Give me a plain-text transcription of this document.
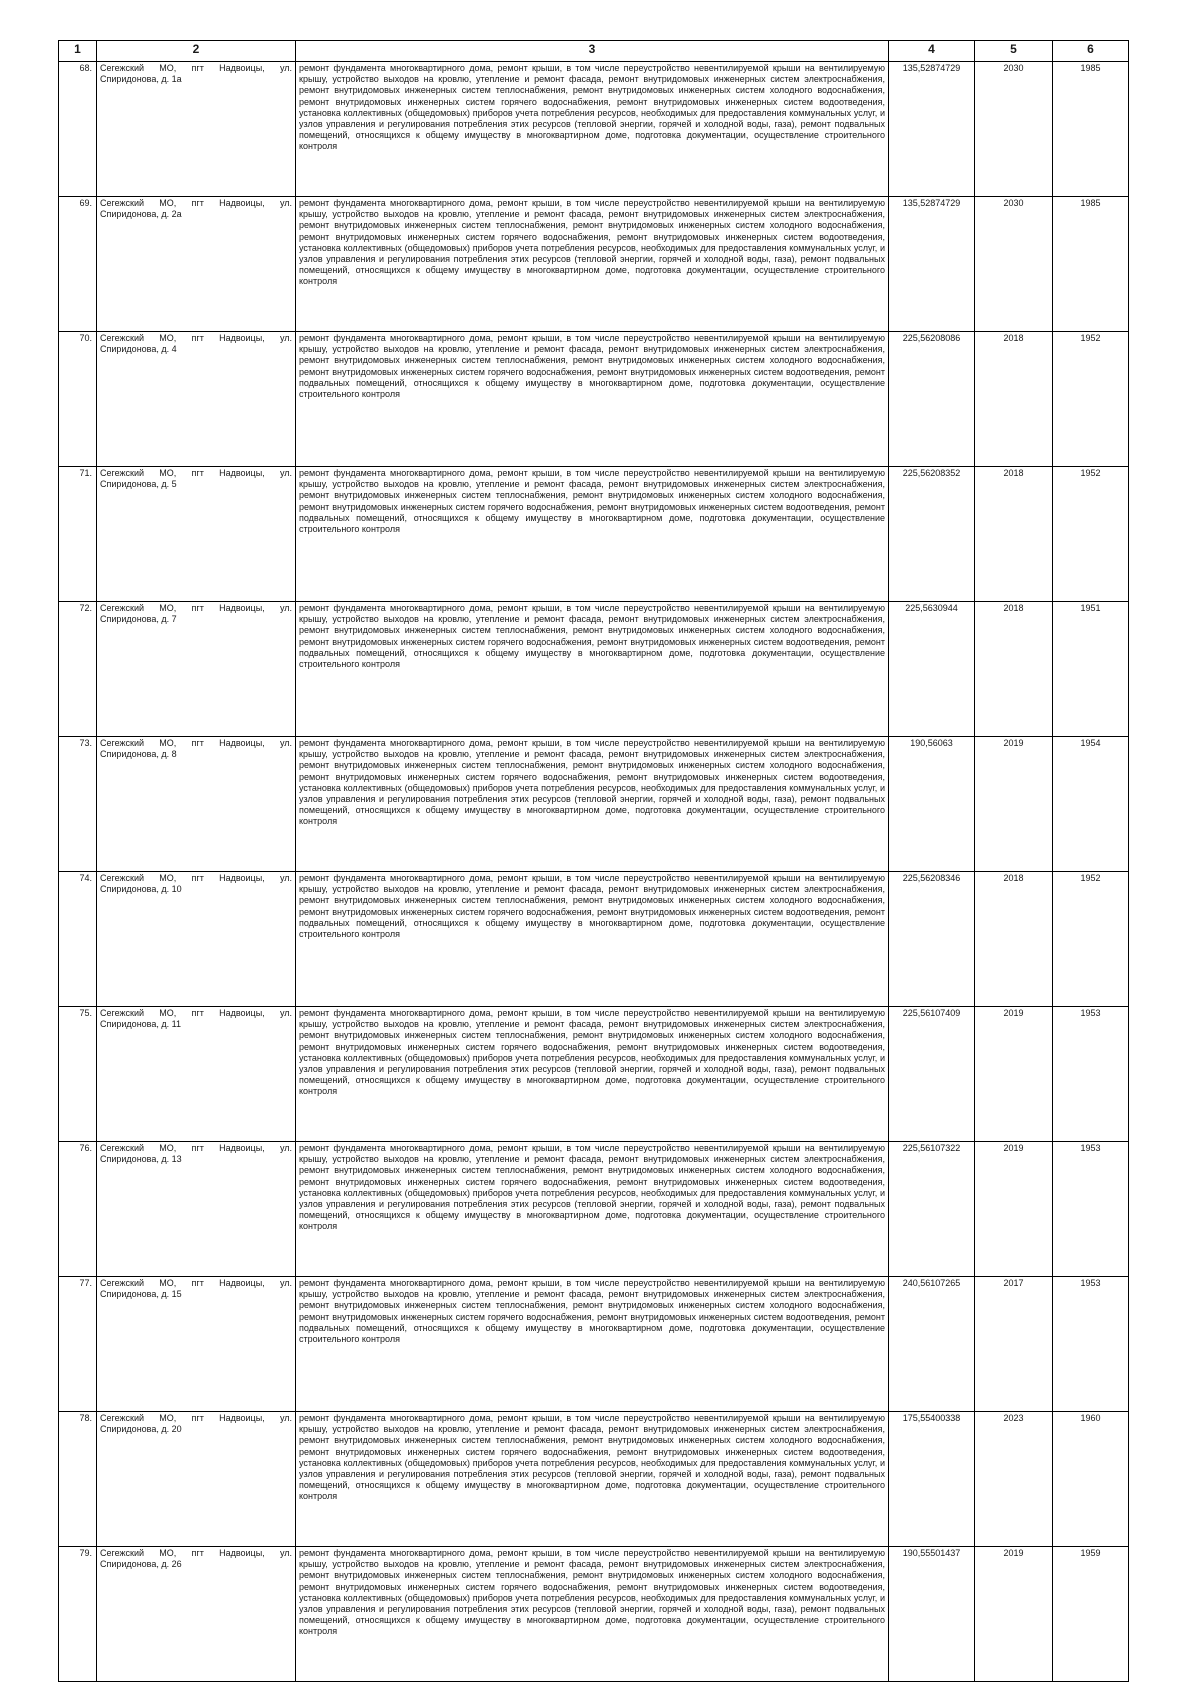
1	2	3	4	5	6
68.	Сегежский МО, пгт Надвоицы, ул. Спиридонова, д. 1а	ремонт фундамента многоквартирного дома, ремонт крыши, в том числе переустройство невентилируемой крыши на вентилируемую крышу, устройство выходов на кровлю, утепление и ремонт фасада, ремонт внутридомовых инженерных систем электроснабжения, ремонт внутридомовых инженерных систем теплоснабжения, ремонт внутридомовых инженерных систем холодного водоснабжения, ремонт внутридомовых инженерных систем горячего водоснабжения, ремонт внутридомовых инженерных систем водоотведения, установка коллективных (общедомовых) приборов учета потребления ресурсов, необходимых для предоставления коммунальных услуг, и узлов управления и регулирования потребления этих ресурсов (тепловой энергии, горячей и холодной воды, газа), ремонт подвальных помещений, относящихся к общему имуществу в многоквартирном доме, подготовка документации, осуществление строительного контроля	135,52874729	2030	1985
69.	Сегежский МО, пгт Надвоицы, ул. Спиридонова, д. 2а	ремонт фундамента многоквартирного дома, ремонт крыши, в том числе переустройство невентилируемой крыши на вентилируемую крышу, устройство выходов на кровлю, утепление и ремонт фасада, ремонт внутридомовых инженерных систем электроснабжения, ремонт внутридомовых инженерных систем теплоснабжения, ремонт внутридомовых инженерных систем холодного водоснабжения, ремонт внутридомовых инженерных систем горячего водоснабжения, ремонт внутридомовых инженерных систем водоотведения, установка коллективных (общедомовых) приборов учета потребления ресурсов, необходимых для предоставления коммунальных услуг, и узлов управления и регулирования потребления этих ресурсов (тепловой энергии, горячей и холодной воды, газа), ремонт подвальных помещений, относящихся к общему имуществу в многоквартирном доме, подготовка документации, осуществление строительного контроля	135,52874729	2030	1985
70.	Сегежский МО, пгт Надвоицы, ул. Спиридонова, д. 4	ремонт фундамента многоквартирного дома, ремонт крыши, в том числе переустройство невентилируемой крыши на вентилируемую крышу, устройство выходов на кровлю, утепление и ремонт фасада, ремонт внутридомовых инженерных систем электроснабжения, ремонт внутридомовых инженерных систем теплоснабжения, ремонт внутридомовых инженерных систем холодного водоснабжения, ремонт внутридомовых инженерных систем горячего водоснабжения, ремонт внутридомовых инженерных систем водоотведения, ремонт подвальных помещений, относящихся к общему имуществу в многоквартирном доме, подготовка документации, осуществление строительного контроля	225,56208086	2018	1952
71.	Сегежский МО, пгт Надвоицы, ул. Спиридонова, д. 5	ремонт фундамента многоквартирного дома, ремонт крыши, в том числе переустройство невентилируемой крыши на вентилируемую крышу, устройство выходов на кровлю, утепление и ремонт фасада, ремонт внутридомовых инженерных систем электроснабжения, ремонт внутридомовых инженерных систем теплоснабжения, ремонт внутридомовых инженерных систем холодного водоснабжения, ремонт внутридомовых инженерных систем горячего водоснабжения, ремонт внутридомовых инженерных систем водоотведения, ремонт подвальных помещений, относящихся к общему имуществу в многоквартирном доме, подготовка документации, осуществление строительного контроля	225,56208352	2018	1952
72.	Сегежский МО, пгт Надвоицы, ул. Спиридонова, д. 7	ремонт фундамента многоквартирного дома, ремонт крыши, в том числе переустройство невентилируемой крыши на вентилируемую крышу, устройство выходов на кровлю, утепление и ремонт фасада, ремонт внутридомовых инженерных систем электроснабжения, ремонт внутридомовых инженерных систем теплоснабжения, ремонт внутридомовых инженерных систем холодного водоснабжения, ремонт внутридомовых инженерных систем горячего водоснабжения, ремонт внутридомовых инженерных систем водоотведения, ремонт подвальных помещений, относящихся к общему имуществу в многоквартирном доме, подготовка документации, осуществление строительного контроля	225,5630944	2018	1951
73.	Сегежский МО, пгт Надвоицы, ул. Спиридонова, д. 8	ремонт фундамента многоквартирного дома, ремонт крыши, в том числе переустройство невентилируемой крыши на вентилируемую крышу, устройство выходов на кровлю, утепление и ремонт фасада, ремонт внутридомовых инженерных систем электроснабжения, ремонт внутридомовых инженерных систем теплоснабжения, ремонт внутридомовых инженерных систем холодного водоснабжения, ремонт внутридомовых инженерных систем горячего водоснабжения, ремонт внутридомовых инженерных систем водоотведения, установка коллективных (общедомовых) приборов учета потребления ресурсов, необходимых для предоставления коммунальных услуг, и узлов управления и регулирования потребления этих ресурсов (тепловой энергии, горячей и холодной воды, газа), ремонт подвальных помещений, относящихся к общему имуществу в многоквартирном доме, подготовка документации, осуществление строительного контроля	190,56063	2019	1954
74.	Сегежский МО, пгт Надвоицы, ул. Спиридонова, д. 10	ремонт фундамента многоквартирного дома, ремонт крыши, в том числе переустройство невентилируемой крыши на вентилируемую крышу, устройство выходов на кровлю, утепление и ремонт фасада, ремонт внутридомовых инженерных систем электроснабжения, ремонт внутридомовых инженерных систем теплоснабжения, ремонт внутридомовых инженерных систем холодного водоснабжения, ремонт внутридомовых инженерных систем горячего водоснабжения, ремонт внутридомовых инженерных систем водоотведения, ремонт подвальных помещений, относящихся к общему имуществу в многоквартирном доме, подготовка документации, осуществление строительного контроля	225,56208346	2018	1952
75.	Сегежский МО, пгт Надвоицы, ул. Спиридонова, д. 11	ремонт фундамента многоквартирного дома, ремонт крыши, в том числе переустройство невентилируемой крыши на вентилируемую крышу, устройство выходов на кровлю, утепление и ремонт фасада, ремонт внутридомовых инженерных систем электроснабжения, ремонт внутридомовых инженерных систем теплоснабжения, ремонт внутридомовых инженерных систем холодного водоснабжения, ремонт внутридомовых инженерных систем горячего водоснабжения, ремонт внутридомовых инженерных систем водоотведения, установка коллективных (общедомовых) приборов учета потребления ресурсов, необходимых для предоставления коммунальных услуг, и узлов управления и регулирования потребления этих ресурсов (тепловой энергии, горячей и холодной воды, газа), ремонт подвальных помещений, относящихся к общему имуществу в многоквартирном доме, подготовка документации, осуществление строительного контроля	225,56107409	2019	1953
76.	Сегежский МО, пгт Надвоицы, ул. Спиридонова, д. 13	ремонт фундамента многоквартирного дома, ремонт крыши, в том числе переустройство невентилируемой крыши на вентилируемую крышу, устройство выходов на кровлю, утепление и ремонт фасада, ремонт внутридомовых инженерных систем электроснабжения, ремонт внутридомовых инженерных систем теплоснабжения, ремонт внутридомовых инженерных систем холодного водоснабжения, ремонт внутридомовых инженерных систем горячего водоснабжения, ремонт внутридомовых инженерных систем водоотведения, установка коллективных (общедомовых) приборов учета потребления ресурсов, необходимых для предоставления коммунальных услуг, и узлов управления и регулирования потребления этих ресурсов (тепловой энергии, горячей и холодной воды, газа), ремонт подвальных помещений, относящихся к общему имуществу в многоквартирном доме, подготовка документации, осуществление строительного контроля	225,56107322	2019	1953
77.	Сегежский МО, пгт Надвоицы, ул. Спиридонова, д. 15	ремонт фундамента многоквартирного дома, ремонт крыши, в том числе переустройство невентилируемой крыши на вентилируемую крышу, устройство выходов на кровлю, утепление и ремонт фасада, ремонт внутридомовых инженерных систем электроснабжения, ремонт внутридомовых инженерных систем теплоснабжения, ремонт внутридомовых инженерных систем холодного водоснабжения, ремонт внутридомовых инженерных систем горячего водоснабжения, ремонт внутридомовых инженерных систем водоотведения, ремонт подвальных помещений, относящихся к общему имуществу в многоквартирном доме, подготовка документации, осуществление строительного контроля	240,56107265	2017	1953
78.	Сегежский МО, пгт Надвоицы, ул. Спиридонова, д. 20	ремонт фундамента многоквартирного дома, ремонт крыши, в том числе переустройство невентилируемой крыши на вентилируемую крышу, устройство выходов на кровлю, утепление и ремонт фасада, ремонт внутридомовых инженерных систем электроснабжения, ремонт внутридомовых инженерных систем теплоснабжения, ремонт внутридомовых инженерных систем холодного водоснабжения, ремонт внутридомовых инженерных систем горячего водоснабжения, ремонт внутридомовых инженерных систем водоотведения, установка коллективных (общедомовых) приборов учета потребления ресурсов, необходимых для предоставления коммунальных услуг, и узлов управления и регулирования потребления этих ресурсов (тепловой энергии, горячей и холодной воды, газа), ремонт подвальных помещений, относящихся к общему имуществу в многоквартирном доме, подготовка документации, осуществление строительного контроля	175,55400338	2023	1960
79.	Сегежский МО, пгт Надвоицы, ул. Спиридонова, д. 26	ремонт фундамента многоквартирного дома, ремонт крыши, в том числе переустройство невентилируемой крыши на вентилируемую крышу, устройство выходов на кровлю, утепление и ремонт фасада, ремонт внутридомовых инженерных систем электроснабжения, ремонт внутридомовых инженерных систем теплоснабжения, ремонт внутридомовых инженерных систем холодного водоснабжения, ремонт внутридомовых инженерных систем горячего водоснабжения, ремонт внутридомовых инженерных систем водоотведения, установка коллективных (общедомовых) приборов учета потребления ресурсов, необходимых для предоставления коммунальных услуг, и узлов управления и регулирования потребления этих ресурсов (тепловой энергии, горячей и холодной воды, газа), ремонт подвальных помещений, относящихся к общему имуществу в многоквартирном доме, подготовка документации, осуществление строительного контроля	190,55501437	2019	1959
